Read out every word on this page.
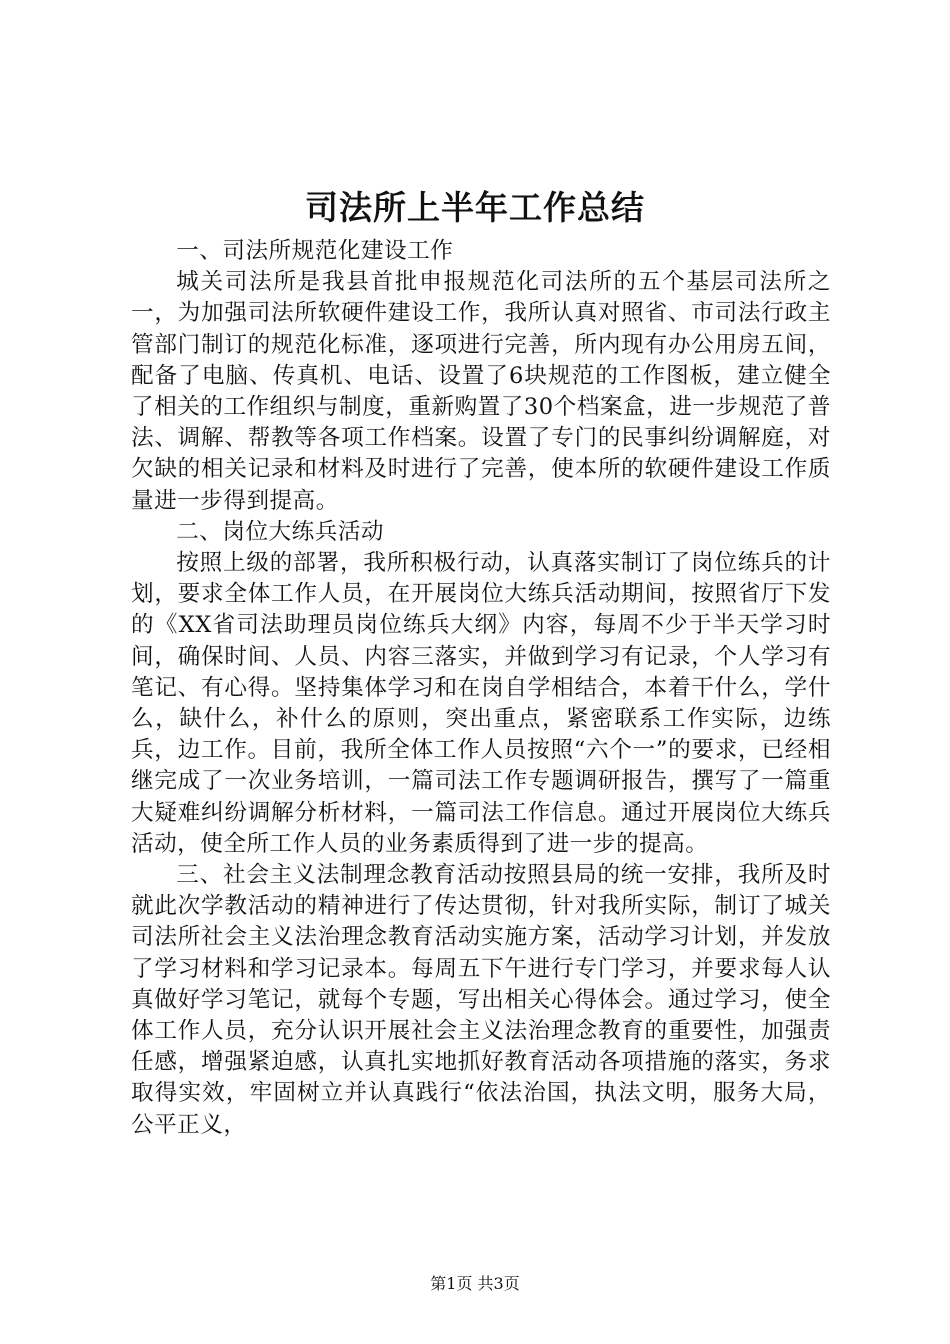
司法所上半年工作总结

一、司法所规范化建设工作

城关司法所是我县首批申报规范化司法所的五个基层司法所之一，为加强司法所软硬件建设工作，我所认真对照省、市司法行政主管部门制订的规范化标准，逐项进行完善，所内现有办公用房五间，配备了电脑、传真机、电话、设置了6块规范的工作图板，建立健全了相关的工作组织与制度，重新购置了30个档案盒，进一步规范了普法、调解、帮教等各项工作档案。设置了专门的民事纠纷调解庭，对欠缺的相关记录和材料及时进行了完善，使本所的软硬件建设工作质量进一步得到提高。

二、岗位大练兵活动

按照上级的部署，我所积极行动，认真落实制订了岗位练兵的计划，要求全体工作人员，在开展岗位大练兵活动期间，按照省厅下发的《XX省司法助理员岗位练兵大纲》内容，每周不少于半天学习时间，确保时间、人员、内容三落实，并做到学习有记录，个人学习有笔记、有心得。坚持集体学习和在岗自学相结合，本着干什么，学什么，缺什么，补什么的原则，突出重点，紧密联系工作实际，边练兵，边工作。目前，我所全体工作人员按照“六个一”的要求，已经相继完成了一次业务培训，一篇司法工作专题调研报告，撰写了一篇重大疑难纠纷调解分析材料，一篇司法工作信息。通过开展岗位大练兵活动，使全所工作人员的业务素质得到了进一步的提高。

三、社会主义法制理念教育活动按照县局的统一安排，我所及时就此次学教活动的精神进行了传达贯彻，针对我所实际，制订了城关司法所社会主义法治理念教育活动实施方案，活动学习计划，并发放了学习材料和学习记录本。每周五下午进行专门学习，并要求每人认真做好学习笔记，就每个专题，写出相关心得体会。通过学习，使全体工作人员，充分认识开展社会主义法治理念教育的重要性，加强责任感，增强紧迫感，认真扎实地抓好教育活动各项措施的落实，务求取得实效，牢固树立并认真践行“依法治国，执法文明，服务大局，公平正义，

第1页 共3页
